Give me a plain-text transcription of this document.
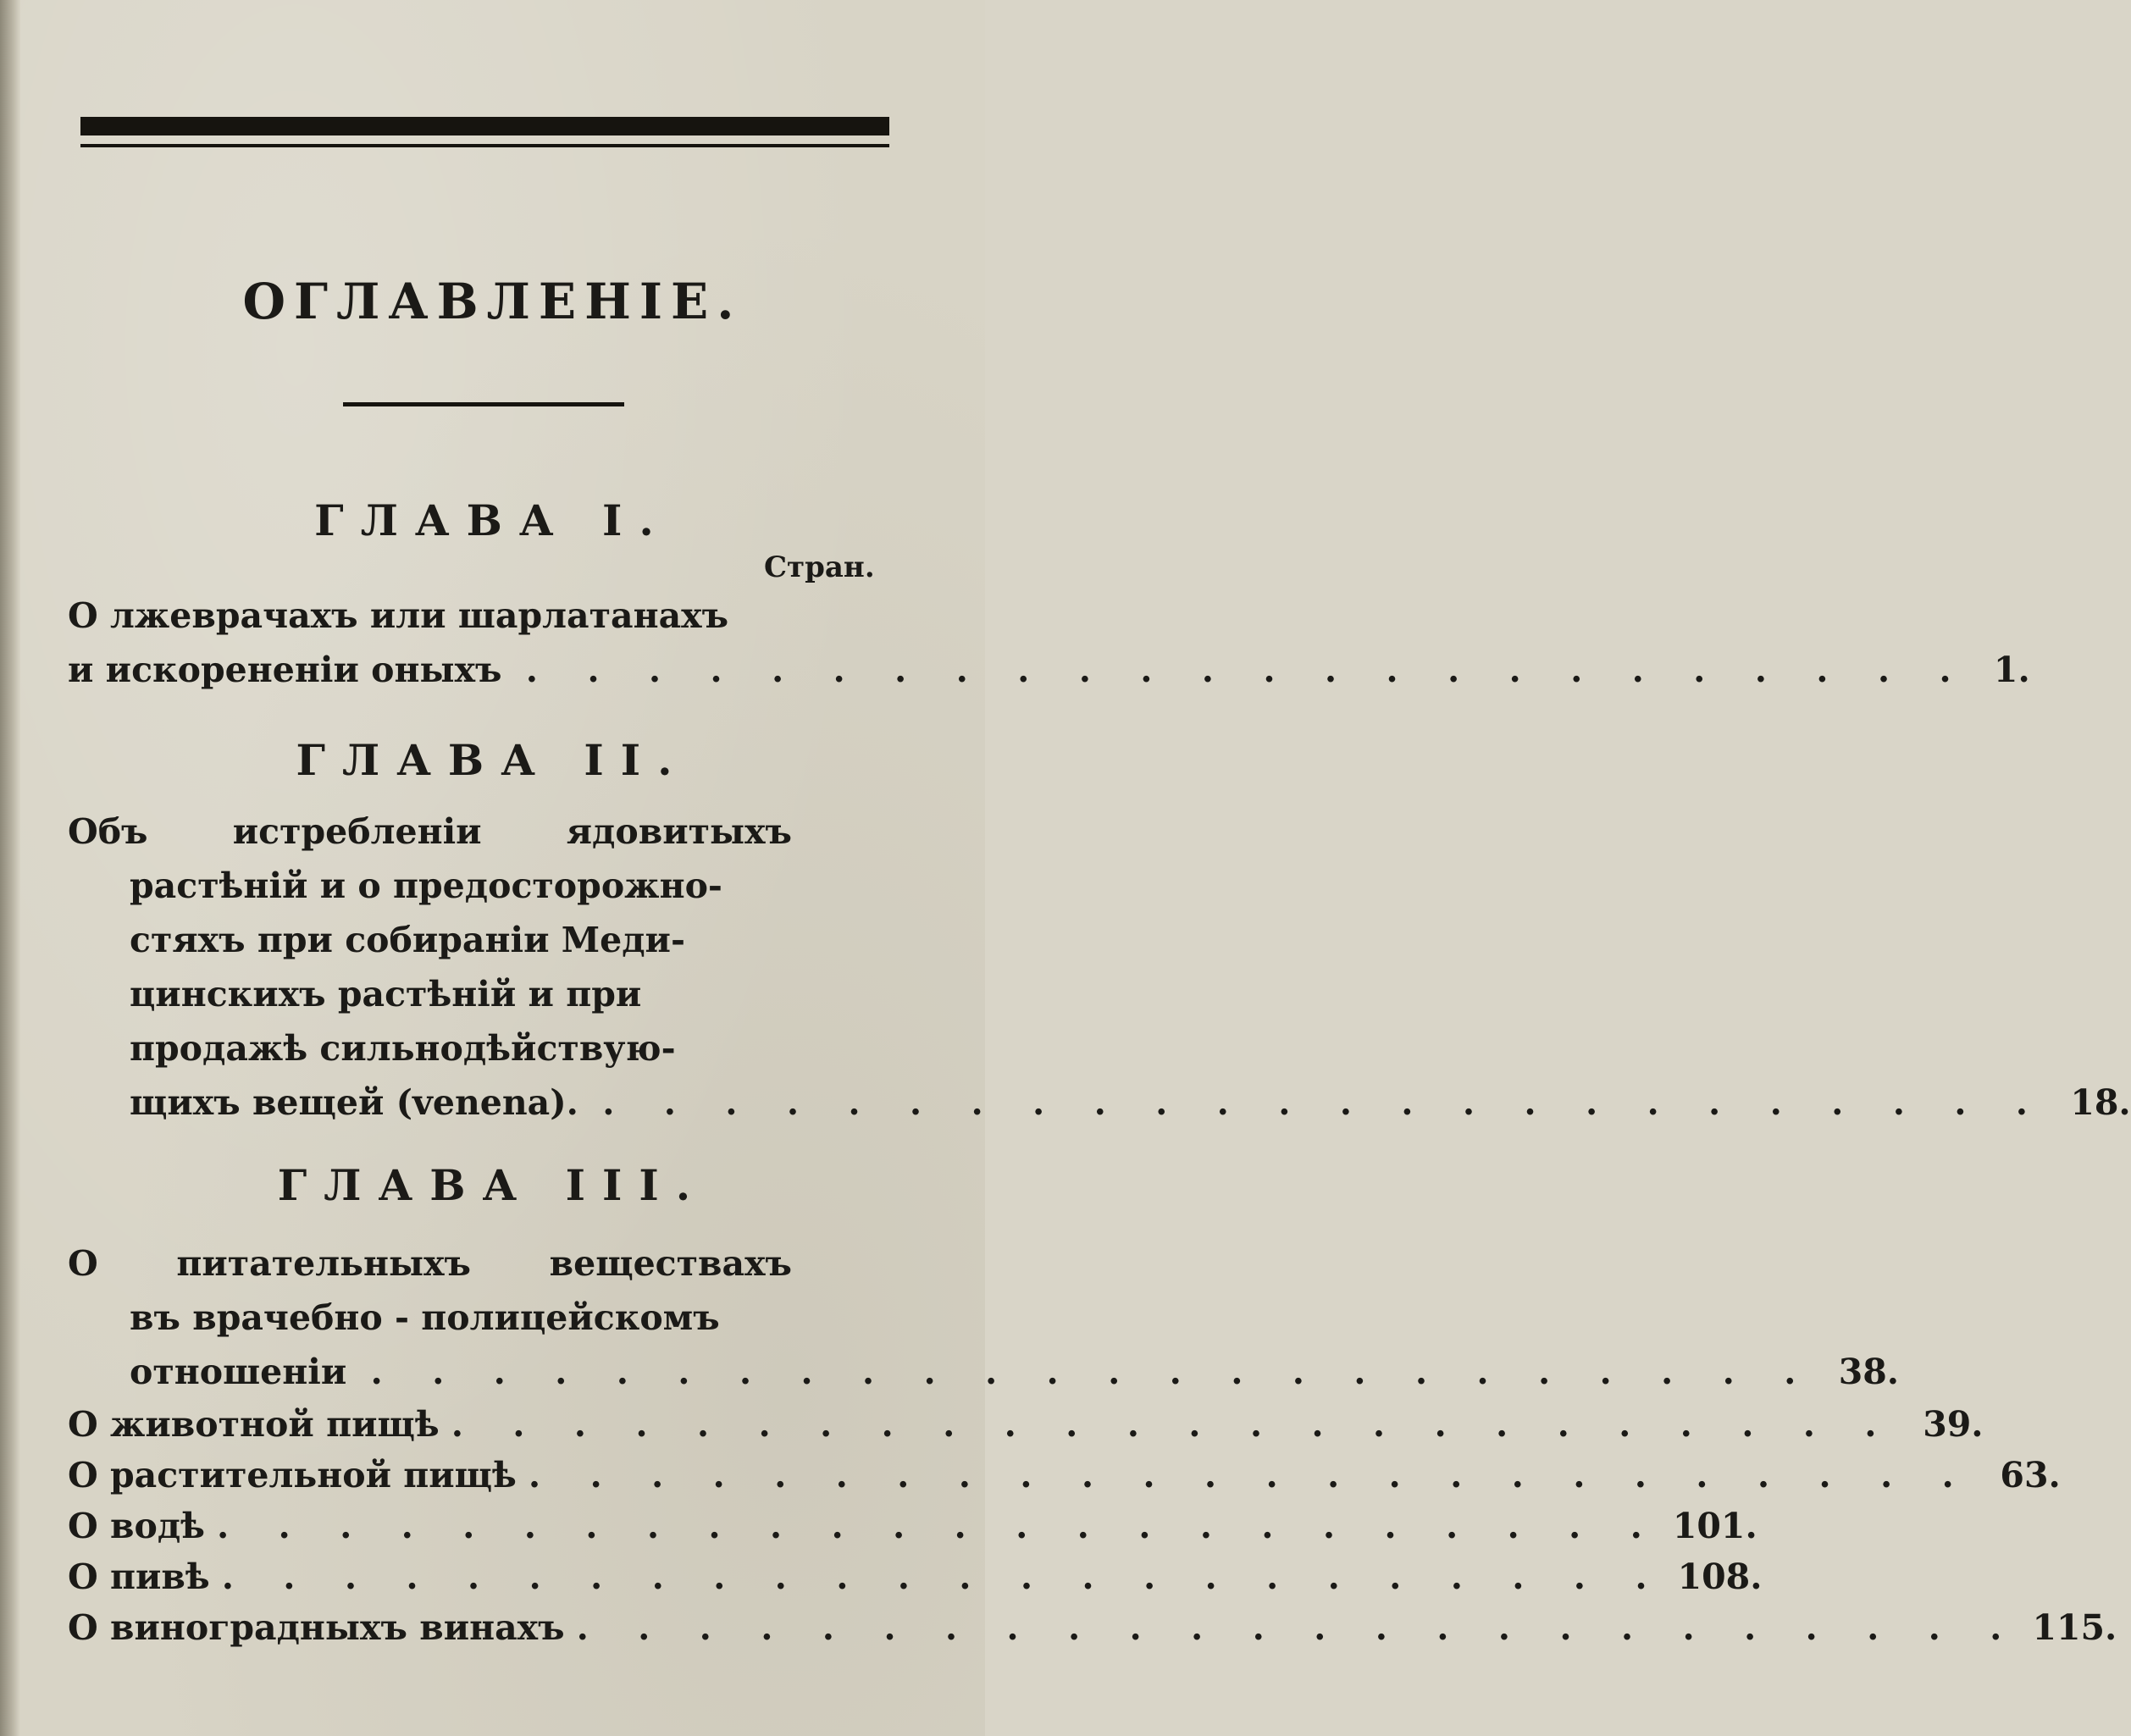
ОГЛАВЛЕНІЕ.
ГЛАВА I.
Стран.
О лжеврачахъ или шарлатанахъ
и искорененіи оныхъ . . . . . . . . . . . . . . . . . . . . . . . . 1.
ГЛАВА II.
Объ истребленіи ядовитыхъ
растѣній и о предосторожно-
стяхъ при собираніи Меди-
цинскихъ растѣній и при
продажѣ сильнодѣйствую-
щихъ вещей (venena). . . . . . . . . . . . . . . . . . . . . . . . . 18.
ГЛАВА III.
О питательныхъ веществахъ
въ врачебно - полицейскомъ
отношеніи . . . . . . . . . . . . . . . . . . . . . . . . 38.
О животной пищѣ . . . . . . . . . . . . . . . . . . . . . . . . 39.
О растительной пищѣ . . . . . . . . . . . . . . . . . . . . . . . . 63.
О водѣ . . . . . . . . . . . . . . . . . . . . . . . . 101.
О пивѣ . . . . . . . . . . . . . . . . . . . . . . . . 108.
О виноградныхъ винахъ . . . . . . . . . . . . . . . . . . . . . . . . 115.
